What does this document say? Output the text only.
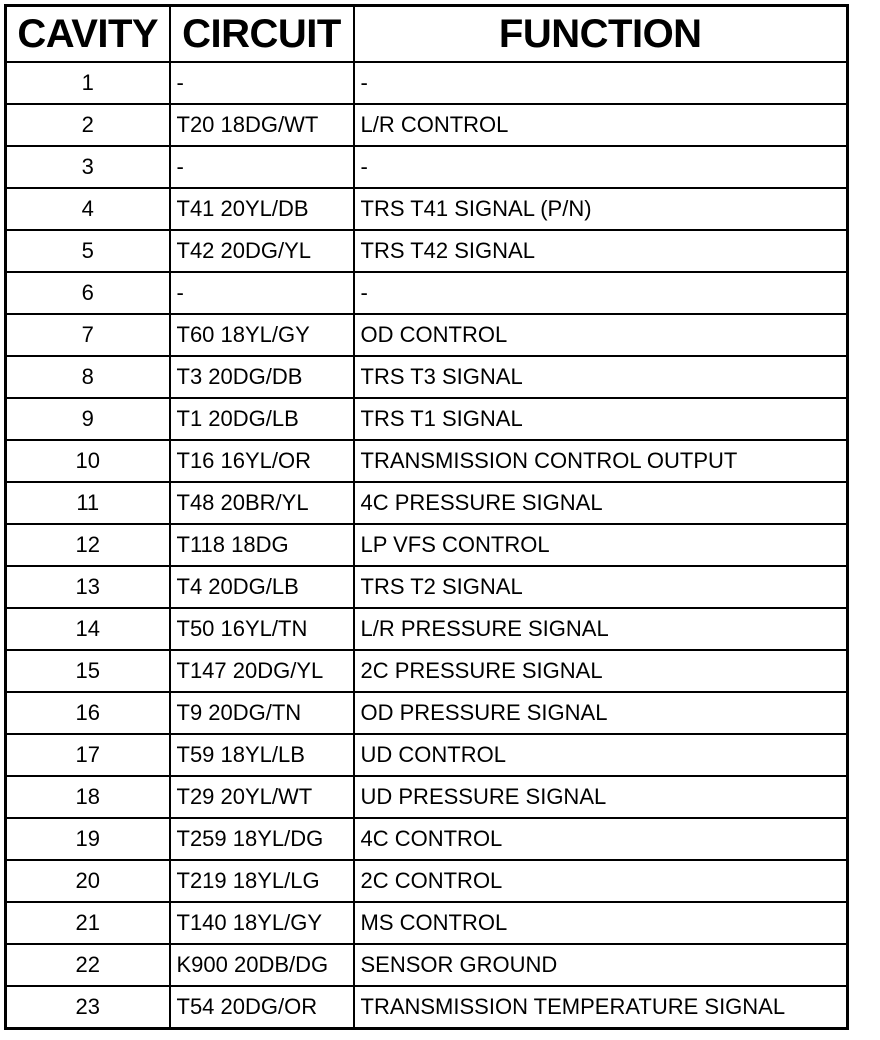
CAVITY	CIRCUIT	FUNCTION
1	-	-
2	T20 18DG/WT	L/R CONTROL
3	-	-
4	T41 20YL/DB	TRS T41 SIGNAL (P/N)
5	T42 20DG/YL	TRS T42 SIGNAL
6	-	-
7	T60 18YL/GY	OD CONTROL
8	T3 20DG/DB	TRS T3 SIGNAL
9	T1 20DG/LB	TRS T1 SIGNAL
10	T16 16YL/OR	TRANSMISSION CONTROL OUTPUT
11	T48 20BR/YL	4C PRESSURE SIGNAL
12	T118 18DG	LP VFS CONTROL
13	T4 20DG/LB	TRS T2 SIGNAL
14	T50 16YL/TN	L/R PRESSURE SIGNAL
15	T147 20DG/YL	2C PRESSURE SIGNAL
16	T9 20DG/TN	OD PRESSURE SIGNAL
17	T59 18YL/LB	UD CONTROL
18	T29 20YL/WT	UD PRESSURE SIGNAL
19	T259 18YL/DG	4C CONTROL
20	T219 18YL/LG	2C CONTROL
21	T140 18YL/GY	MS CONTROL
22	K900 20DB/DG	SENSOR GROUND
23	T54 20DG/OR	TRANSMISSION TEMPERATURE SIGNAL
